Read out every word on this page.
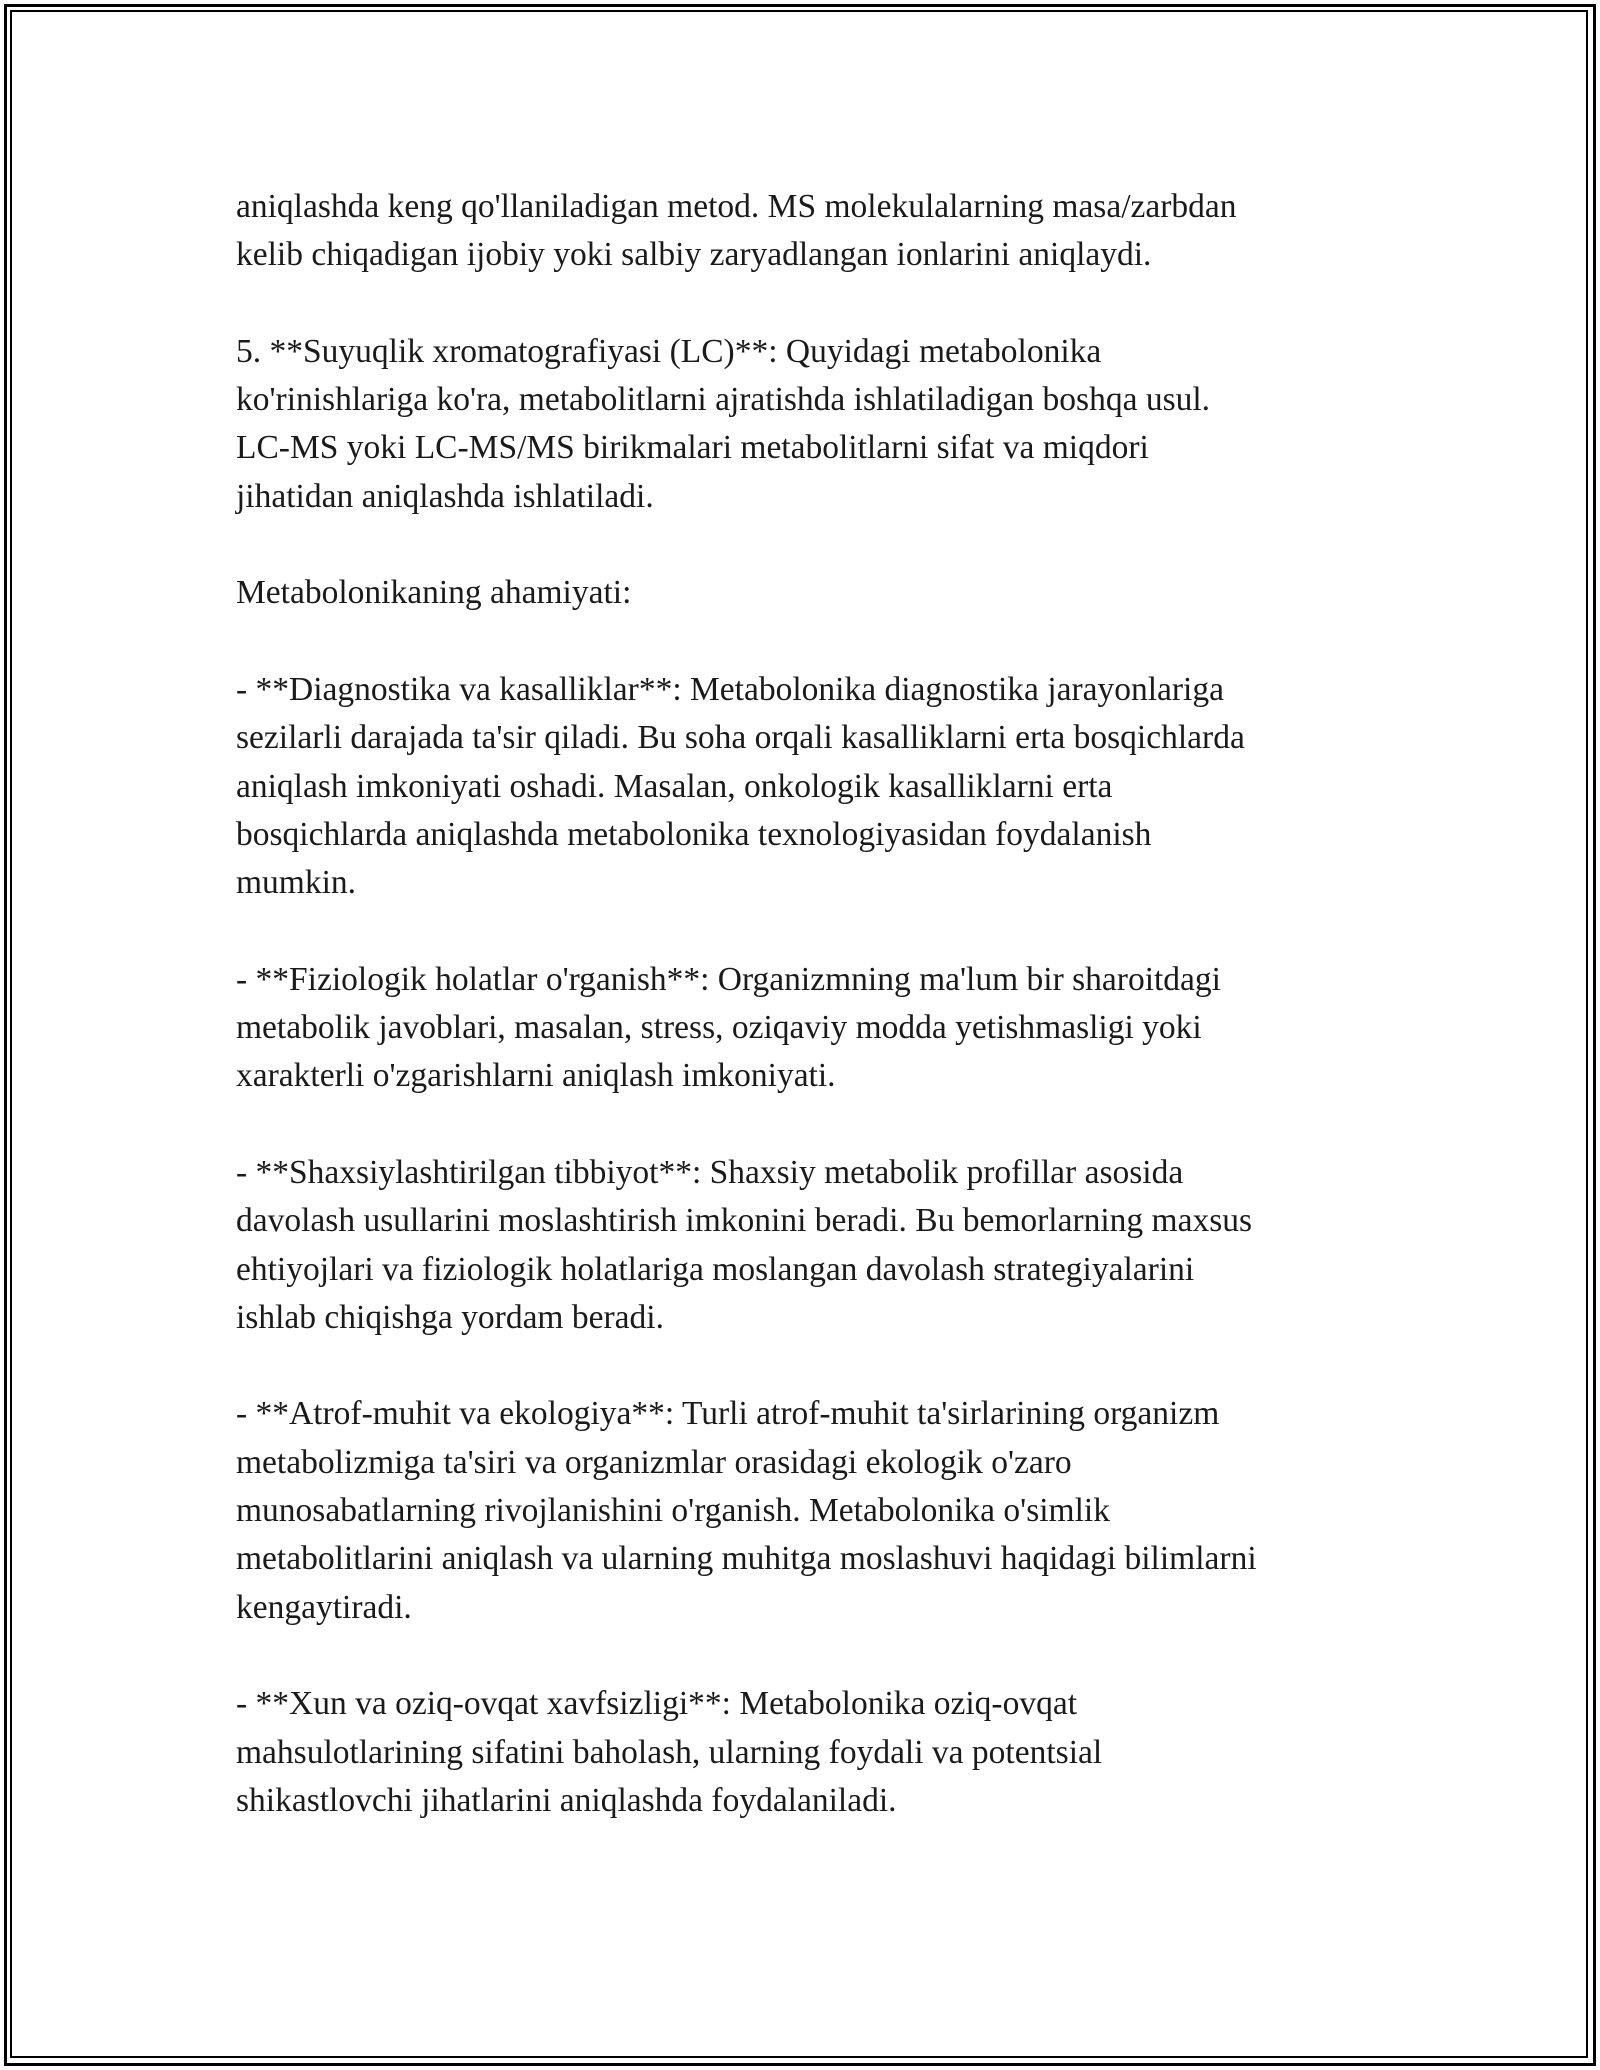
aniqlashda keng qo'llaniladigan metod. MS molekulalarning masa/zarbdan
kelib chiqadigan ijobiy yoki salbiy zaryadlangan ionlarini aniqlaydi.

5. **Suyuqlik xromatografiyasi (LC)**: Quyidagi metabolonika
ko'rinishlariga ko'ra, metabolitlarni ajratishda ishlatiladigan boshqa usul.
LC-MS yoki LC-MS/MS birikmalari metabolitlarni sifat va miqdori
jihatidan aniqlashda ishlatiladi.

Metabolonikaning ahamiyati:

- **Diagnostika va kasalliklar**: Metabolonika diagnostika jarayonlariga
sezilarli darajada ta'sir qiladi. Bu soha orqali kasalliklarni erta bosqichlarda
aniqlash imkoniyati oshadi. Masalan, onkologik kasalliklarni erta
bosqichlarda aniqlashda metabolonika texnologiyasidan foydalanish
mumkin.

- **Fiziologik holatlar o'rganish**: Organizmning ma'lum bir sharoitdagi
metabolik javoblari, masalan, stress, oziqaviy modda yetishmasligi yoki
xarakterli o'zgarishlarni aniqlash imkoniyati.

- **Shaxsiylashtirilgan tibbiyot**: Shaxsiy metabolik profillar asosida
davolash usullarini moslashtirish imkonini beradi. Bu bemorlarning maxsus
ehtiyojlari va fiziologik holatlariga moslangan davolash strategiyalarini
ishlab chiqishga yordam beradi.

- **Atrof-muhit va ekologiya**: Turli atrof-muhit ta'sirlarining organizm
metabolizmiga ta'siri va organizmlar orasidagi ekologik o'zaro
munosabatlarning rivojlanishini o'rganish. Metabolonika o'simlik
metabolitlarini aniqlash va ularning muhitga moslashuvi haqidagi bilimlarni
kengaytiradi.

- **Xun va oziq-ovqat xavfsizligi**: Metabolonika oziq-ovqat
mahsulotlarining sifatini baholash, ularning foydali va potentsial
shikastlovchi jihatlarini aniqlashda foydalaniladi.
